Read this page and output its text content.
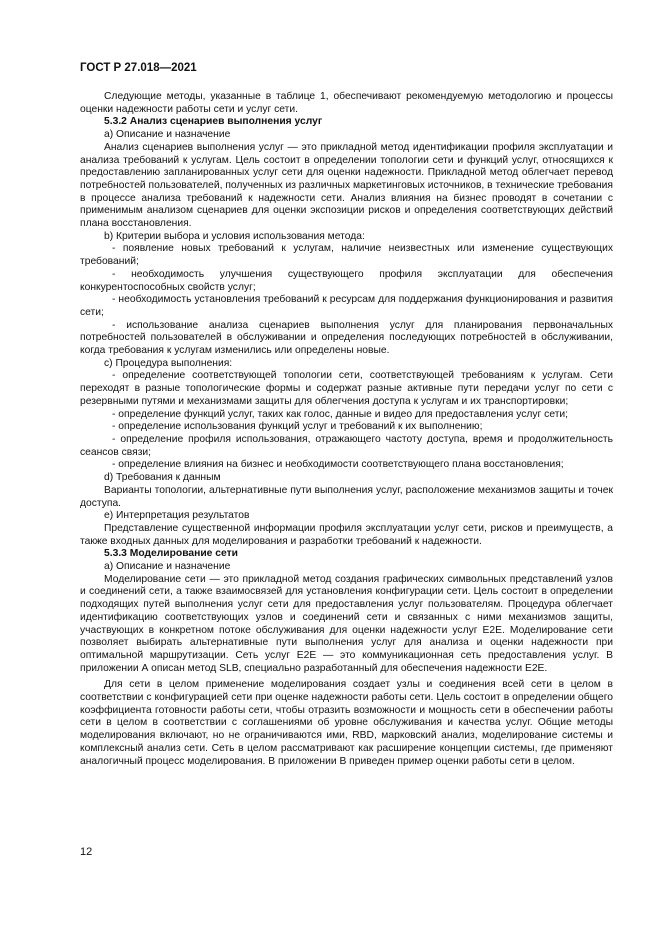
ГОСТ Р 27.018—2021

Следующие методы, указанные в таблице 1, обеспечивают рекомендуемую методологию и процессы оценки надежности работы сети и услуг сети.

5.3.2 Анализ сценариев выполнения услуг

a) Описание и назначение

Анализ сценариев выполнения услуг — это прикладной метод идентификации профиля эксплуатации и анализа требований к услугам. Цель состоит в определении топологии сети и функций услуг, относящихся к предоставлению запланированных услуг сети для оценки надежности. Прикладной метод облегчает перевод потребностей пользователей, полученных из различных маркетинговых источников, в технические требования в процессе анализа требований к надежности сети. Анализ влияния на бизнес проводят в сочетании с применимым анализом сценариев для оценки экспозиции рисков и определения соответствующих действий плана восстановления.

b) Критерии выбора и условия использования метода:

- появление новых требований к услугам, наличие неизвестных или изменение существующих требований;

- необходимость улучшения существующего профиля эксплуатации для обеспечения конкурентоспособных свойств услуг;

- необходимость установления требований к ресурсам для поддержания функционирования и развития сети;

- использование анализа сценариев выполнения услуг для планирования первоначальных потребностей пользователей в обслуживании и определения последующих потребностей в обслуживании, когда требования к услугам изменились или определены новые.

c) Процедура выполнения:

- определение соответствующей топологии сети, соответствующей требованиям к услугам. Сети переходят в разные топологические формы и содержат разные активные пути передачи услуг по сети с резервными путями и механизмами защиты для облегчения доступа к услугам и их транспортировки;

- определение функций услуг, таких как голос, данные и видео для предоставления услуг сети;

- определение использования функций услуг и требований к их выполнению;

- определение профиля использования, отражающего частоту доступа, время и продолжительность сеансов связи;

- определение влияния на бизнес и необходимости соответствующего плана восстановления;

d) Требования к данным

Варианты топологии, альтернативные пути выполнения услуг, расположение механизмов защиты и точек доступа.

e) Интерпретация результатов

Представление существенной информации профиля эксплуатации услуг сети, рисков и преимуществ, а также входных данных для моделирования и разработки требований к надежности.

5.3.3 Моделирование сети

a) Описание и назначение

Моделирование сети — это прикладной метод создания графических символьных представлений узлов и соединений сети, а также взаимосвязей для установления конфигурации сети. Цель состоит в определении подходящих путей выполнения услуг сети для предоставления услуг пользователям. Процедура облегчает идентификацию соответствующих узлов и соединений сети и связанных с ними механизмов защиты, участвующих в конкретном потоке обслуживания для оценки надежности услуг E2E. Моделирование сети позволяет выбирать альтернативные пути выполнения услуг для анализа и оценки надежности при оптимальной маршрутизации. Сеть услуг E2E — это коммуникационная сеть предоставления услуг. В приложении А описан метод SLB, специально разработанный для обеспечения надежности E2E.

Для сети в целом применение моделирования создает узлы и соединения всей сети в целом в соответствии с конфигурацией сети при оценке надежности работы сети. Цель состоит в определении общего коэффициента готовности работы сети, чтобы отразить возможности и мощность сети в обеспечении работы сети в целом в соответствии с соглашениями об уровне обслуживания и качества услуг. Общие методы моделирования включают, но не ограничиваются ими, RBD, марковский анализ, моделирование системы и комплексный анализ сети. Сеть в целом рассматривают как расширение концепции системы, где применяют аналогичный процесс моделирования. В приложении В приведен пример оценки работы сети в целом.

12
